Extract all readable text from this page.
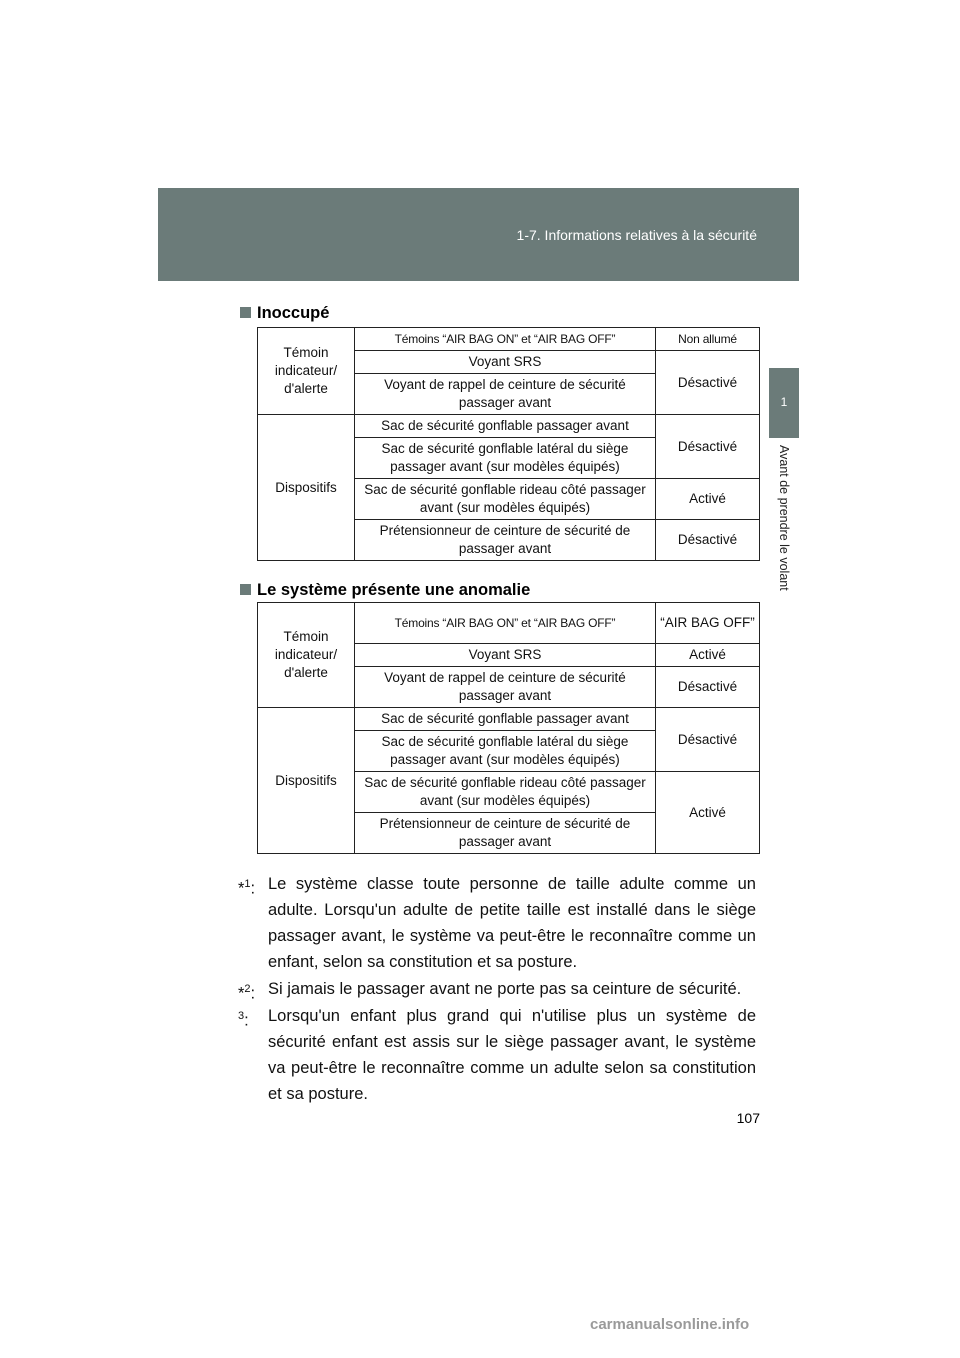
1-7. Informations relatives à la sécurité
1
Avant de prendre le volant
Inoccupé
Témoin indicateur/ d'alerte	Témoins “AIR BAG ON” et “AIR BAG OFF”	Non allumé
	Voyant SRS	Désactivé
	Voyant de rappel de ceinture de sécurité passager avant	
Dispositifs	Sac de sécurité gonflable passager avant	Désactivé
	Sac de sécurité gonflable latéral du siège passager avant (sur modèles équipés)	
	Sac de sécurité gonflable rideau côté passager avant (sur modèles équipés)	Activé
	Prétensionneur de ceinture de sécurité de passager avant	Désactivé
Le système présente une anomalie
Témoin indicateur/ d'alerte	Témoins “AIR BAG ON” et “AIR BAG OFF”	“AIR BAG OFF”
	Voyant SRS	Activé
	Voyant de rappel de ceinture de sécurité passager avant	Désactivé
Dispositifs	Sac de sécurité gonflable passager avant	Désactivé
	Sac de sécurité gonflable latéral du siège passager avant (sur modèles équipés)	
	Sac de sécurité gonflable rideau côté passager avant (sur modèles équipés)	Activé
	Prétensionneur de ceinture de sécurité de passager avant	
*$^1$: Le système classe toute personne de taille adulte comme un adulte. Lorsqu'un adulte de petite taille est installé dans le siège passager avant, le système va peut-être le reconnaître comme un enfant, selon sa constitution et sa posture.
*$^2$: Si jamais le passager avant ne porte pas sa ceinture de sécurité.
$^3$:	Lorsqu'un enfant plus grand qui n'utilise plus un système de sécurité enfant est assis sur le siège passager avant, le système va peut-être le reconnaître comme un adulte selon sa constitution et sa posture.
107
carmanualsonline.info
